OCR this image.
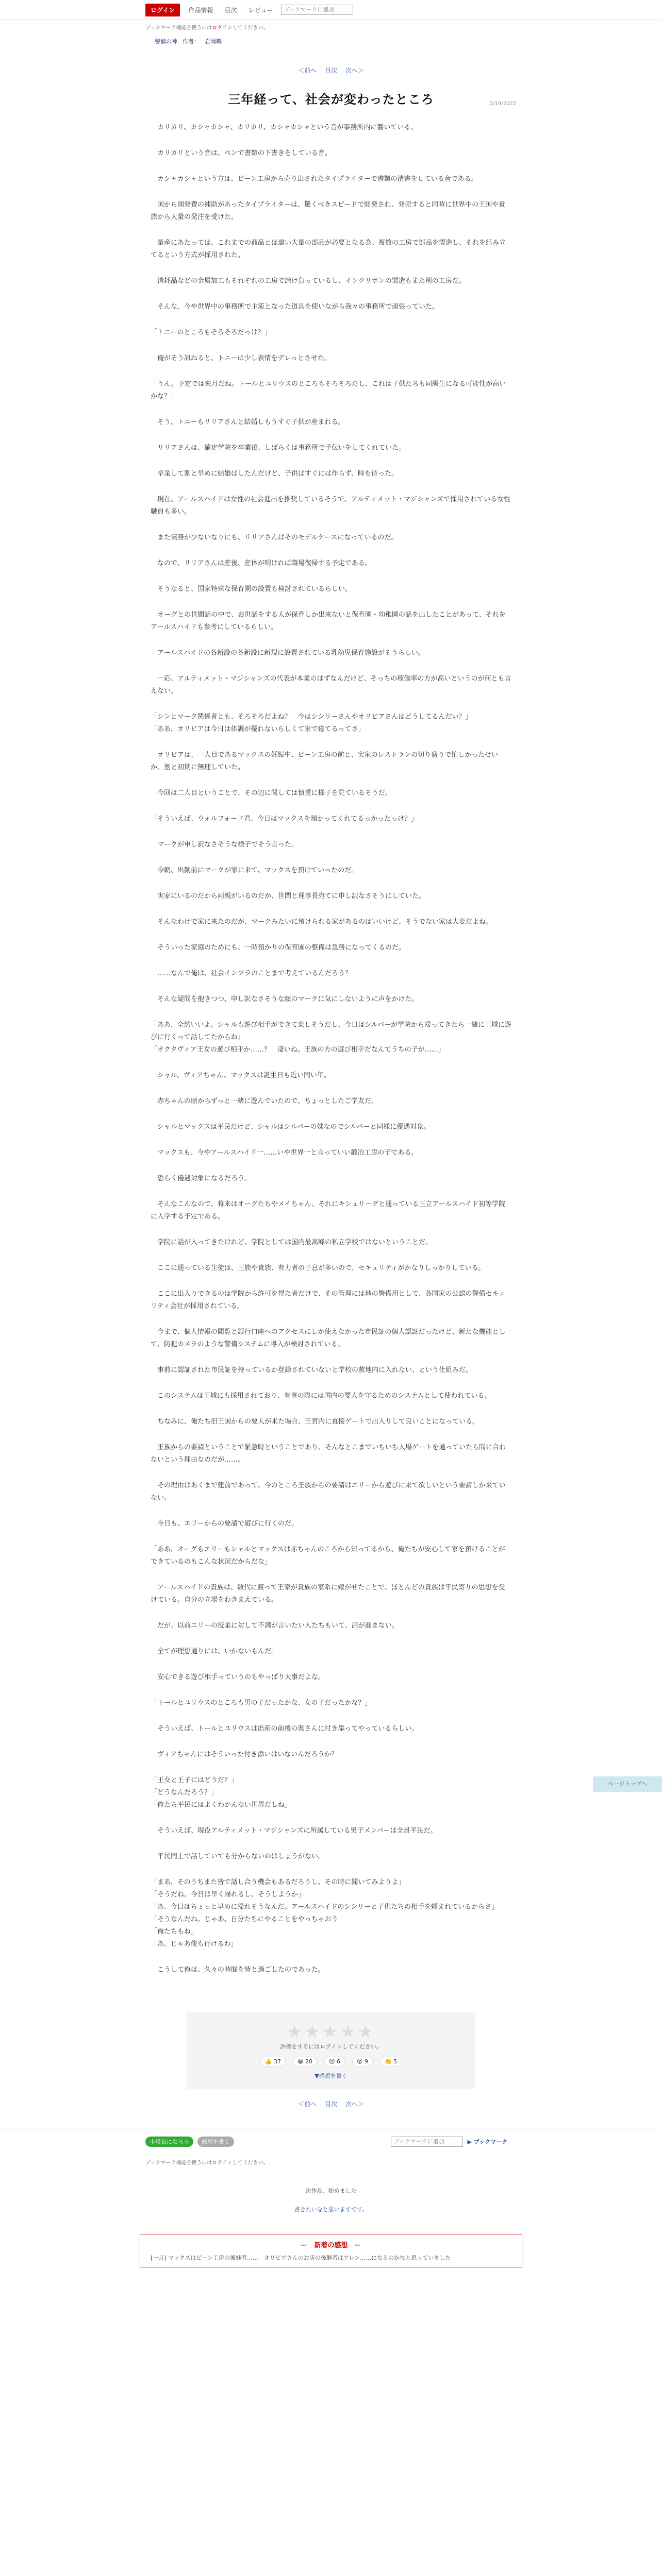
ログイン	作品情報	目次	レビュー	ブックマークに追加
ブックマーク機能を使うにはログインしてください。
警備の神 作者： 岩岡鶴
＜前へ 目次 次へ＞
2/19/2022
三年経って、社会が変わったところ

　カリカリ、カシャカシャ、カリカリ、カシャカシャという音が事務所内に響いている。

　カリカリという音は、ペンで書類の下書きをしている音。

　カシャカシャという方は、ピーン工房から売り出されたタイプライターで書類の清書をしている音である。

　国から開発費の補助があったタイプライターは、驚くべきスピードで開発され、発売すると同時に世界中の王国や貴族から大量の発注を受けた。

　量産にあたっては、これまでの商品とは違い大量の部品が必要となる為、複数の工房で部品を製造し、それを組み立てるという方式が採用された。

　消耗品などの金属加工もそれぞれの工房で請け負っているし、インクリボンの製造もまた別の工房だ。

　そんな、今や世界中の事務所で主流となった道具を使いながら我々の事務所で頑張っていた。

「トニーのところもそろそろだっけ？」

　俺がそう訊ねると、トニーは少し表情をデレっとさせた。

「うん。予定では来月だね。トールとユリウスのところもそろそろだし、これは子供たちも同級生になる可能性が高いかな？」

　そう、トニーもリリアさんと結婚しもうすぐ子供が産まれる。

　リリアさんは、確定学院を卒業後、しばらくは事務所で手伝いをしてくれていた。

　卒業して割と早めに結婚はしたんだけど、子供はすぐには作らず、時を待った。

　現在、アールスハイドは女性の社会進出を推奨しているそうで、アルティメット・マジシャンズで採用されている女性職員も多い。

　また実務が少ないなりにも、リリアさんはそのモデルケースになっているのだ。

　なので、リリアさんは産後、産休が明ければ職場復帰する予定である。

　そうなると、国家特殊な保育園の設置も検討されているらしい。

　オーグとの世間話の中で、お世話をする人が保育しか出来ないと保育園・幼稚園の話を出したことがあって、それをアールスハイドも参考にしているらしい。

　アールスハイドの各新設の各新設に新規に設置されている乳幼児保育施設がそうらしい。

　一応、アルティメット・マジシャンズの代表が本業のはずなんだけど、そっちの稼働率の方が高いというのが何とも言えない。

「シンとマーク関係者とも、そろそろだよね？　今はシシリーさんやオリビアさんはどうしてるんだい？」
「ああ、オリビアは今日は体調が優れないらしくて家で寝てるってさ」

　オリビアは、一人目であるマックスの妊娠中、ビーン工房の前と、実家のレストランの切り盛りで忙しかったせいか、割と初期に無理していた。

　今回は二人目ということで、その辺に関しては慎重に様子を見ているそうだ。

「そういえば、ウォルフォード君、今日はマックスを預かってくれてるっかったっけ？」

　マークが申し訳なさそうな様子でそう言った。

　今朝、出勤前にマークが家に来て、マックスを預けていったのだ。

　実家にいるのだから両親がいるのだが、世間と理事長宛てに申し訳なさそうにしていた。

　そんなわけで家に来たのだが、マークみたいに預けられる家があるのはいいけど、そうでない家は大変だよね。

　そういった家庭のためにも、一時預かりの保育園の整備は急務になってくるのだ。

　……なんで俺は、社会インフラのことまで考えているんだろう？

　そんな疑問を抱きつつ、申し訳なさそうな顔のマークに気にしないように声をかけた。

「ああ、全然いいよ。シャルも遊び相手ができて楽しそうだし、今日はシルバーが学院から帰ってきたら一緒に王城に遊びに行くって話してたからね」
「オクタヴィア王女の遊び相手か……？　凄いね。王族の方の遊び相手だなんてうちの子が……」

　シャル、ヴィアちゃん、マックスは誕生日も近い同い年。

　赤ちゃんの頃からずっと一緒に遊んでいたので、ちょっとしたご学友だ。

　シャルとマックスは平民だけど、シャルはシルバーの妹なのでシルバーと同様に優遇対象。

　マックスも、今やアールスハイド一……いや世界一と言っていい鍛冶工房の子である。

　恐らく優遇対象になるだろう。

　そんなこんなので、将来はオーグたちやメイちゃん、それにキシュリーグと通っている王立アールスハイド初等学院に入学する予定である。

　学院に話が入ってきたけれど、学院としては国内最高峰の私立学校ではないということだ。

　ここに通っている生徒は、王族や貴族、有力者の子息が多いので、セキュリティがかなりしっかりしている。

　ここに出入りできるのは学院から許可を得た者だけで、その管理には地の警備用として、各国家の公認の警備セキュリティ会社が採用されている。

　今まで、個人情報の閲覧と銀行口座へのアクセスにしか使えなかった市民証の個人認証だったけど、新たな機能として、防犯カメラのような警備システムに導入が検討されている。

　事前に認証された市民証を持っているか登録されていないと学校の敷地内に入れない、という仕組みだ。

　このシステムは王城にも採用されており、有事の際には国内の要人を守るためのシステムとして使われている。

　ちなみに、俺たち旧王国からの要人が来た場合、王宮内に直接ゲートで出入りして良いことになっている。

　王族からの要請ということで緊急時ということであり、そんなとこまでいちいち入場ゲートを通っていたら間に合わないという理由なのだが……。

　その理由はあくまで建前であって、今のところ王族からの要請はエリーから遊びに来て欲しいという要請しか来ていない。

　今日も、エリーからの要請で遊びに行くのだ。

「ああ、オーグもエリーもシャルとマックスは赤ちゃんのころから知ってるから、俺たちが安心して家を預けることができているのもこんな状況だからだな」

　アールスハイドの貴族は、数代に渡って王家が貴族の家系に嫁がせたことで、ほとんどの貴族は平民寄りの思想を受けている。自分の立場をわきまえている。

　だが、以前エリーの授業に対して不満が言いたい人たちもいて、話が進まない。

　全てが理想通りには、いかないもんだ。

　安心できる遊び相手っていうのもやっぱり大事だよな。

「トールとユリウスのところも男の子だったかな、女の子だったかな？」

　そういえば、トールとユリウスは出産の前後の奥さんに付き添ってやっているらしい。

　ヴィアちゃんにはそういった付き添いはいないんだろうか？

「王女と王子にはどうだ？」
「どうなんだろう？」
「俺たち平民にはよくわかんない世界だしね」

　そういえば、現役アルティメット・マジシャンズに所属している男子メンバーは全員平民だ。

　平民同士で話していても分からないのはしょうがない。

「まあ、そのうちまた皆で話し合う機会もあるだろうし、その時に聞いてみようよ」
「そうだね。今日は早く帰れるし、そうしようか」
「あ、今日はちょっと早めに帰れそうなんだ。アールスハイドのシシリーと子供たちの相手を頼まれているからさ」
「そうなんだね。じゃあ、自分たちにやることをやっちゃおう」
「俺たちもね」
「あ、じゃあ俺も行けるわ」

　こうして俺は、久々の時間を皆と過ごしたのであった。

ページトップへ
★★★★★
評価をするにはログインしてください。
👍 37	😆 20	😢 6	😮 9	👏 5
▼感想を書く
＜前へ 目次 次へ＞
小説家になろう	感想を書く	ブックマークに追加	▶ ブックマーク
ブックマーク機能を使うにはログインしてください。
次作品、始めました
書きたいなと思いますです。
ー　新着の感想　ー
[一言] マックスはビーン工房の後継者……　オリビアさんのお店の後継者はアレン……になるのかなと思っていました
